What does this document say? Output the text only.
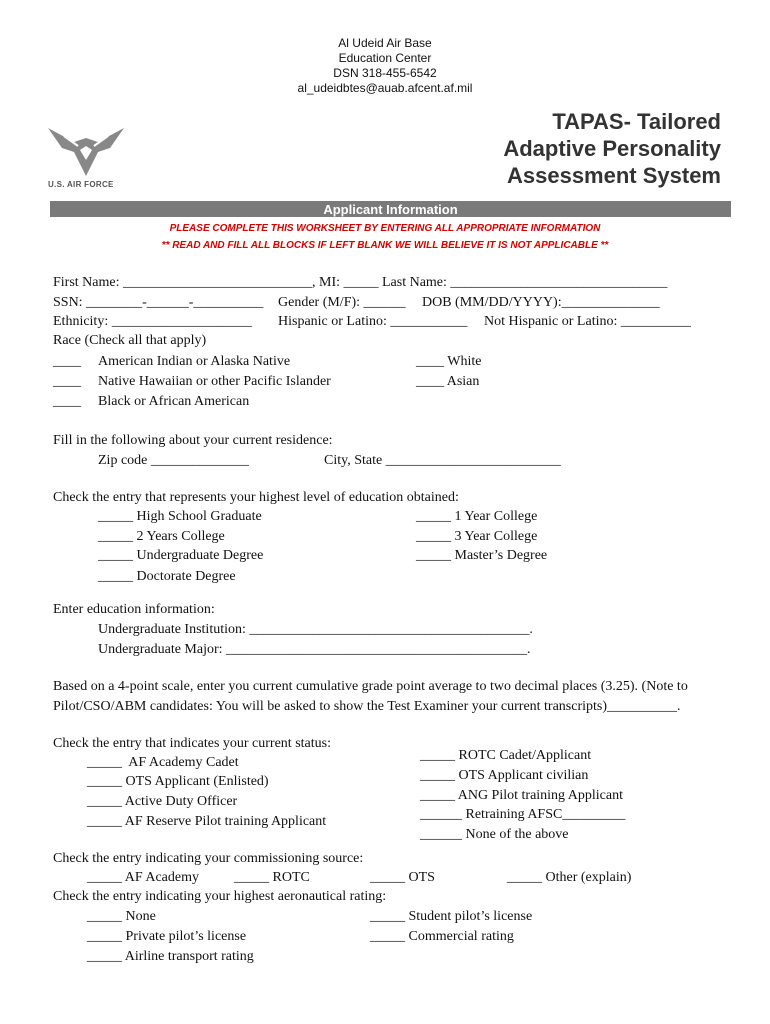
Al Udeid Air Base
Education Center
DSN 318-455-6542
al_udeidbtes@auab.afcent.af.mil
U.S. AIR FORCE
TAPAS- Tailored
Adaptive Personality
Assessment System
Applicant Information
PLEASE COMPLETE THIS WORKSHEET BY ENTERING ALL APPROPRIATE INFORMATION
** READ AND FILL ALL BLOCKS IF LEFT BLANK WE WILL BELIEVE IT IS NOT APPLICABLE **
First Name: ___________________________, MI: _____ Last Name: _______________________________
SSN: ________-______-__________ Gender (M/F): ______ DOB (MM/DD/YYYY):______________
Ethnicity: ____________________ Hispanic or Latino: ___________ Not Hispanic or Latino: __________
Race (Check all that apply)
____ American Indian or Alaska Native
____ Native Hawaiian or other Pacific Islander
____ Black or African American
____ White
____ Asian
Fill in the following about your current residence:
Zip code ______________	City, State _________________________
Check the entry that represents your highest level of education obtained:
_____ High School Graduate
_____ 2 Years College
_____ Undergraduate Degree
_____ Doctorate Degree
_____ 1 Year College
_____ 3 Year College
_____ Master’s Degree
Enter education information:
Undergraduate Institution: ________________________________________.
Undergraduate Major: ___________________________________________.
Based on a 4-point scale, enter you current cumulative grade point average to two decimal places (3.25). (Note to
Pilot/CSO/ABM candidates: You will be asked to show the Test Examiner your current transcripts)__________.
Check the entry that indicates your current status:
_____  AF Academy Cadet
_____ OTS Applicant (Enlisted)
_____ Active Duty Officer
_____ AF Reserve Pilot training Applicant
_____ ROTC Cadet/Applicant
_____ OTS Applicant civilian
_____ ANG Pilot training Applicant
______ Retraining AFSC_________
______ None of the above
Check the entry indicating your commissioning source:
_____ AF Academy	_____ ROTC	_____ OTS	_____ Other (explain)
Check the entry indicating your highest aeronautical rating:
_____ None
_____ Private pilot’s license
_____ Airline transport rating
_____ Student pilot’s license
_____ Commercial rating
